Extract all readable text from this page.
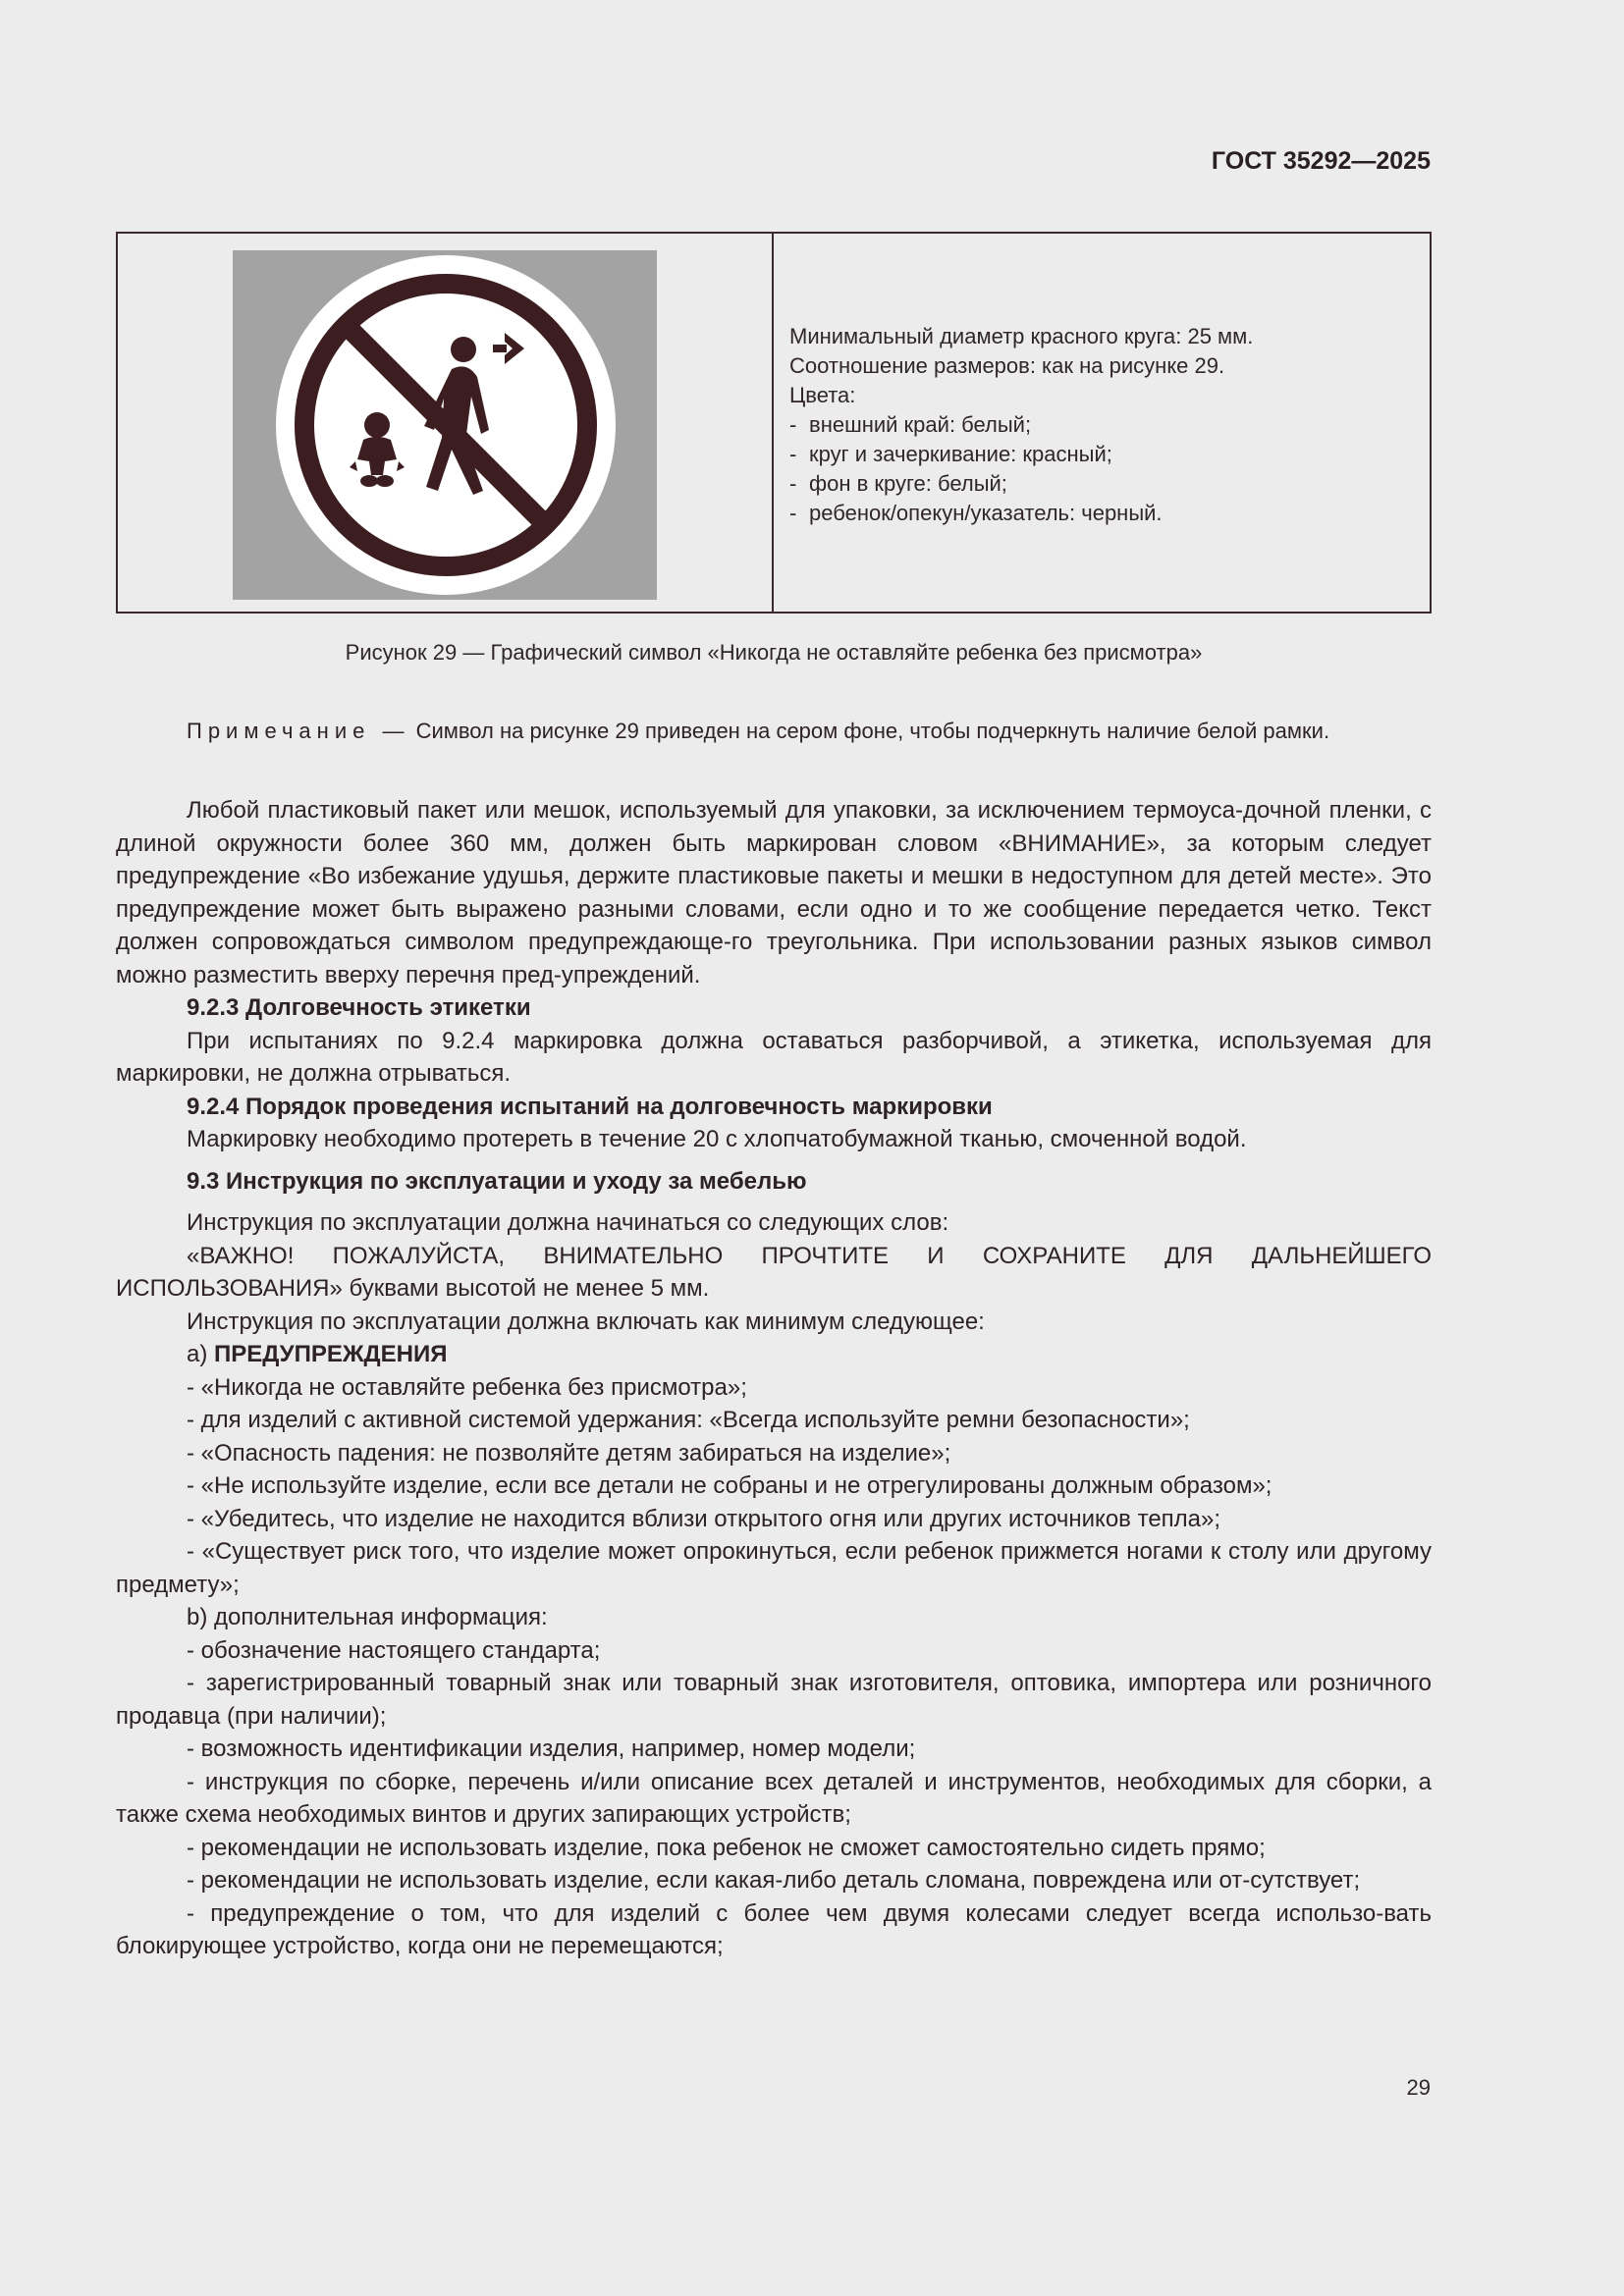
ГОСТ 35292—2025
Минимальный диаметр красного круга: 25 мм.
Соотношение размеров: как на рисунке 29.
Цвета:
- внешний край: белый;
- круг и зачеркивание: красный;
- фон в круге: белый;
- ребенок/опекун/указатель: черный.
Рисунок 29 — Графический символ «Никогда не оставляйте ребенка без присмотра»

Примечание — Символ на рисунке 29 приведен на сером фоне, чтобы подчеркнуть наличие белой рамки.

Любой пластиковый пакет или мешок, используемый для упаковки, за исключением термоуса-дочной пленки, с длиной окружности более 360 мм, должен быть маркирован словом «ВНИМАНИЕ», за которым следует предупреждение «Во избежание удушья, держите пластиковые пакеты и мешки в недоступном для детей месте». Это предупреждение может быть выражено разными словами, если одно и то же сообщение передается четко. Текст должен сопровождаться символом предупреждающе-го треугольника. При использовании разных языков символ можно разместить вверху перечня пред-упреждений.

9.2.3 Долговечность этикетки

При испытаниях по 9.2.4 маркировка должна оставаться разборчивой, а этикетка, используемая для маркировки, не должна отрываться.

9.2.4 Порядок проведения испытаний на долговечность маркировки

Маркировку необходимо протереть в течение 20 с хлопчатобумажной тканью, смоченной водой.

9.3 Инструкция по эксплуатации и уходу за мебелью

Инструкция по эксплуатации должна начинаться со следующих слов:

«ВАЖНО! ПОЖАЛУЙСТА, ВНИМАТЕЛЬНО ПРОЧТИТЕ И СОХРАНИТЕ ДЛЯ ДАЛЬНЕЙШЕГО ИСПОЛЬЗОВАНИЯ» буквами высотой не менее 5 мм.

Инструкция по эксплуатации должна включать как минимум следующее:

a) ПРЕДУПРЕЖДЕНИЯ

- «Никогда не оставляйте ребенка без присмотра»;

- для изделий с активной системой удержания: «Всегда используйте ремни безопасности»;

- «Опасность падения: не позволяйте детям забираться на изделие»;

- «Не используйте изделие, если все детали не собраны и не отрегулированы должным образом»;

- «Убедитесь, что изделие не находится вблизи открытого огня или других источников тепла»;

- «Существует риск того, что изделие может опрокинуться, если ребенок прижмется ногами к столу или другому предмету»;

b) дополнительная информация:

- обозначение настоящего стандарта;

- зарегистрированный товарный знак или товарный знак изготовителя, оптовика, импортера или розничного продавца (при наличии);

- возможность идентификации изделия, например, номер модели;

- инструкция по сборке, перечень и/или описание всех деталей и инструментов, необходимых для сборки, а также схема необходимых винтов и других запирающих устройств;

- рекомендации не использовать изделие, пока ребенок не сможет самостоятельно сидеть прямо;

- рекомендации не использовать изделие, если какая-либо деталь сломана, повреждена или от-сутствует;

- предупреждение о том, что для изделий с более чем двумя колесами следует всегда использо-вать блокирующее устройство, когда они не перемещаются;

29
